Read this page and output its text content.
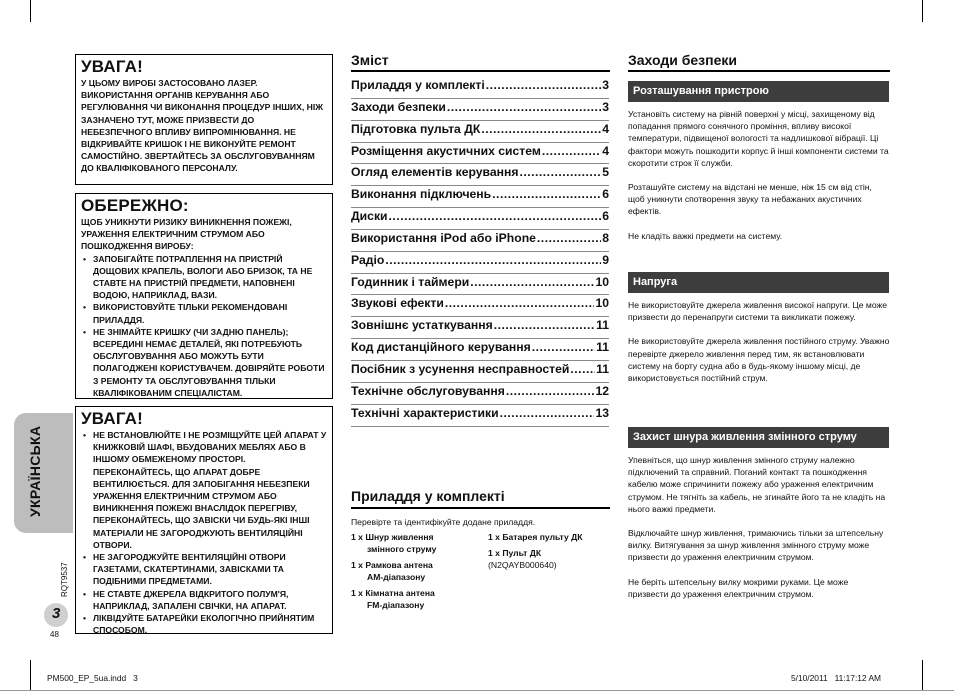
УВАГА!

У ЦЬОМУ ВИРОБІ ЗАСТОСОВАНО ЛАЗЕР. ВИКОРИСТАННЯ ОРГАНІВ КЕРУВАННЯ АБО РЕГУЛЮВАННЯ ЧИ ВИКОНАННЯ ПРОЦЕДУР ІНШИХ, НІЖ ЗАЗНАЧЕНО ТУТ, МОЖЕ ПРИЗВЕСТИ ДО НЕБЕЗПЕЧНОГО ВПЛИВУ ВИПРОМІНЮВАННЯ. НЕ ВІДКРИВАЙТЕ КРИШОК І НЕ ВИКОНУЙТЕ РЕМОНТ САМОСТІЙНО. ЗВЕРТАЙТЕСЬ ЗА ОБСЛУГОВУВАННЯМ ДО КВАЛІФІКОВАНОГО ПЕРСОНАЛУ.

ОБЕРЕЖНО:

ЩОБ УНИКНУТИ РИЗИКУ ВИНИКНЕННЯ ПОЖЕЖІ, УРАЖЕННЯ ЕЛЕКТРИЧНИМ СТРУМОМ АБО ПОШКОДЖЕННЯ ВИРОБУ:

• ЗАПОБІГАЙТЕ ПОТРАПЛЕННЯ НА ПРИСТРІЙ ДОЩОВИХ КРАПЕЛЬ, ВОЛОГИ АБО БРИЗОК, ТА НЕ СТАВТЕ НА ПРИСТРІЙ ПРЕДМЕТИ, НАПОВНЕНІ ВОДОЮ, НАПРИКЛАД, ВАЗИ.
• ВИКОРИСТОВУЙТЕ ТІЛЬКИ РЕКОМЕНДОВАНІ ПРИЛАДДЯ.
• НЕ ЗНІМАЙТЕ КРИШКУ (ЧИ ЗАДНЮ ПАНЕЛЬ); ВСЕРЕДИНІ НЕМАЄ ДЕТАЛЕЙ, ЯКІ ПОТРЕБУЮТЬ ОБСЛУГОВУВАННЯ АБО МОЖУТЬ БУТИ ПОЛАГОДЖЕНІ КОРИСТУВАЧЕМ. ДОВІРЯЙТЕ РОБОТИ З РЕМОНТУ ТА ОБСЛУГОВУВАННЯ ТІЛЬКИ КВАЛІФІКОВАНИМ СПЕЦІАЛІСТАМ.
УВАГА!
• НЕ ВСТАНОВЛЮЙТЕ І НЕ РОЗМІЩУЙТЕ ЦЕЙ АПАРАТ У КНИЖКОВІЙ ШАФІ, ВБУДОВАНИХ МЕБЛЯХ АБО В ІНШОМУ ОБМЕЖЕНОМУ ПРОСТОРІ. ПЕРЕКОНАЙТЕСЬ, ЩО АПАРАТ ДОБРЕ ВЕНТИЛЮЄТЬСЯ. ДЛЯ ЗАПОБІГАННЯ НЕБЕЗПЕКИ УРАЖЕННЯ ЕЛЕКТРИЧНИМ СТРУМОМ АБО ВИНИКНЕННЯ ПОЖЕЖІ ВНАСЛІДОК ПЕРЕГРІВУ, ПЕРЕКОНАЙТЕСЬ, ЩО ЗАВІСКИ ЧИ БУДЬ-ЯКІ ІНШІ МАТЕРІАЛИ НЕ ЗАГОРОДЖУЮТЬ ВЕНТИЛЯЦІЙНІ ОТВОРИ.
• НЕ ЗАГОРОДЖУЙТЕ ВЕНТИЛЯЦІЙНІ ОТВОРИ ГАЗЕТАМИ, СКАТЕРТИНАМИ, ЗАВІСКАМИ ТА ПОДІБНИМИ ПРЕДМЕТАМИ.
• НЕ СТАВТЕ ДЖЕРЕЛА ВІДКРИТОГО ПОЛУМ'Я, НАПРИКЛАД, ЗАПАЛЕНІ СВІЧКИ, НА АПАРАТ.
• ЛІКВІДУЙТЕ БАТАРЕЙКИ ЕКОЛОГІЧНО ПРИЙНЯТИМ СПОСОБОМ.
УКРАЇНСЬКА
RQT9537
3
48
Зміст
Приладдя у комплекті .....	3
Заходи безпеки .....	3
Підготовка пульта ДК .....	4
Розміщення акустичних систем .....	4
Огляд елементів керування .....	5
Виконання підключень .....	6
Диски .....	6
Використання iPod або iPhone .....	8
Радіо .....	9
Годинник і таймери .....	10
Звукові ефекти .....	10
Зовнішнє устаткування .....	11
Код дистанційного керування .....	11
Посібник з усунення несправностей ..... 11
Технічне обслуговування .....	12
Технічні характеристики .....	13
Приладдя у комплекті
Перевірте та ідентифікуйте додане приладдя.
1 x Шнур живлення
змінного струму
1 x Рамкова антена
AM-діапазону
1 x Кімнатна антена
FM-діапазону
1 x Батарея пульту ДК
1 x Пульт ДК
(N2QAYB000640)
Заходи безпеки
Розташування пристрою

Установіть систему на рівній поверхні у місці, захищеному від попадання прямого сонячного проміння, впливу високої температури, підвищеної вологості та надлишкової вібрації. Ці фактори можуть пошкодити корпус й інші компоненти системи та скоротити строк її служби.

Розташуйте систему на відстані не менше, ніж 15 см від стін, щоб уникнути спотворення звуку та небажаних акустичних ефектів.

Не кладіть важкі предмети на систему.

Напруга

Не використовуйте джерела живлення високої напруги. Це може призвести до перенапруги системи та викликати пожежу.

Не використовуйте джерела живлення постійного струму. Уважно перевірте джерело живлення перед тим, як встановлювати систему на борту судна або в будь-якому іншому місці, де використовується постійний струм.

Захист шнура живлення змінного струму

Упевніться, що шнур живлення змінного струму належно підключений та справний. Поганий контакт та пошкодження кабелю може спричинити пожежу або ураження електричним струмом. Не тягніть за кабель, не згинайте його та не кладіть на нього важкі предмети.

Відключайте шнур живлення, тримаючись тільки за штепсельну вилку. Витягування за шнур живлення змінного струму може призвести до ураження електричним струмом.

Не беріть штепсельну вилку мокрими руками. Це може призвести до ураження електричним струмом.

PM500_EP_5ua.indd   3	5/10/2011   11:17:12 AM
